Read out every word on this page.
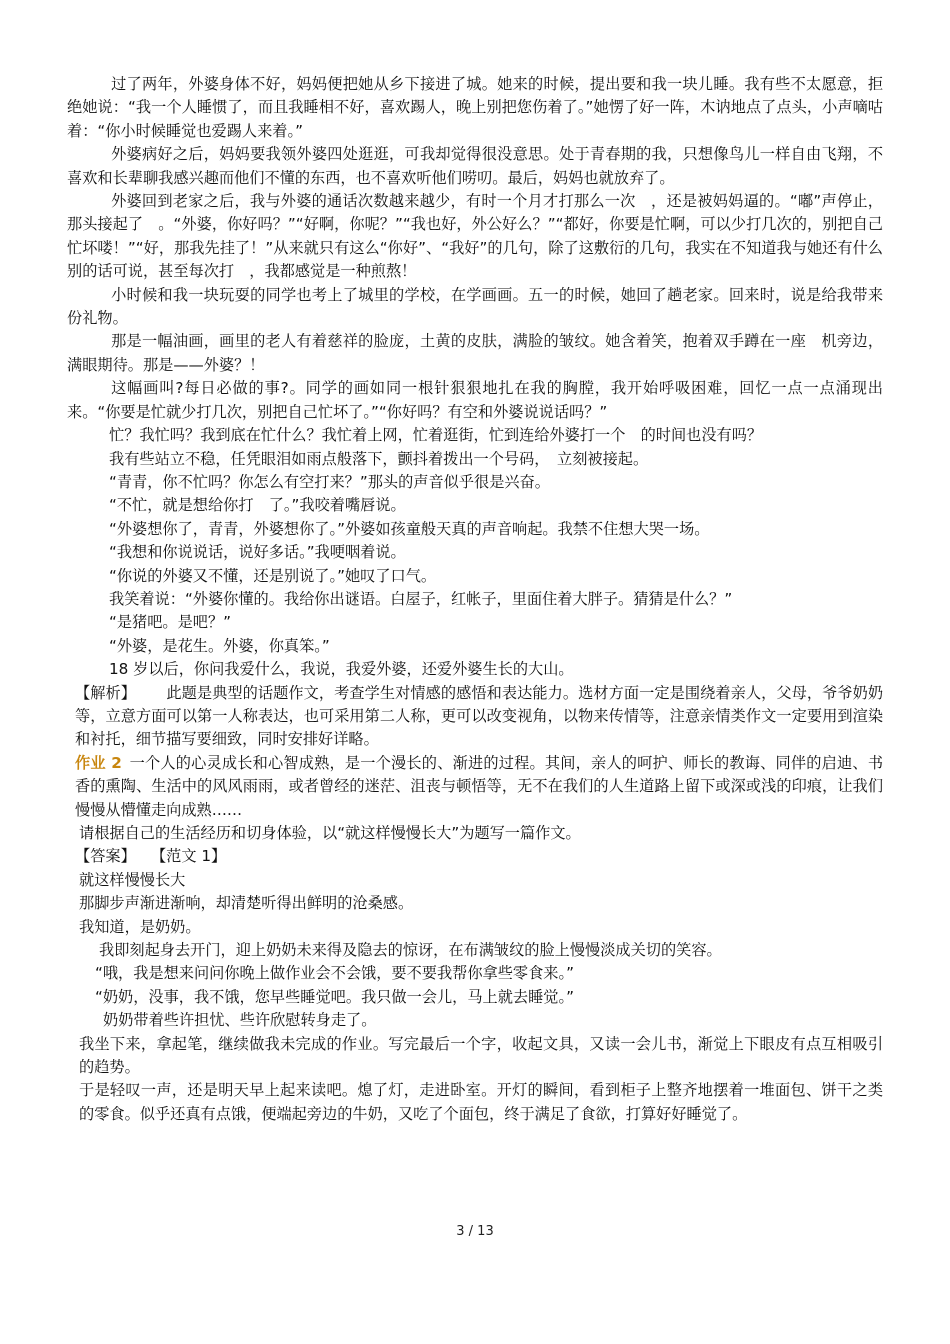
过了两年，外婆身体不好，妈妈便把她从乡下接进了城。她来的时候，提出要和我一块儿睡。我有些不太愿意，拒绝她说：“我一个人睡惯了，而且我睡相不好，喜欢踢人，晚上别把您伤着了。”她愣了好一阵，木讷地点了点头，小声嘀咕着：“你小时候睡觉也爱踢人来着。”

外婆病好之后，妈妈要我领外婆四处逛逛，可我却觉得很没意思。处于青春期的我，只想像鸟儿一样自由飞翔，不喜欢和长辈聊我感兴趣而他们不懂的东西，也不喜欢听他们唠叨。最后，妈妈也就放弃了。

外婆回到老家之后，我与外婆的通话次数越来越少，有时一个月才打那么一次　，还是被妈妈逼的。“嘟”声停止，那头接起了　。“外婆，你好吗？”“好啊，你呢？”“我也好，外公好么？”“都好，你要是忙啊，可以少打几次的，别把自己忙坏喽！”“好，那我先挂了！”从来就只有这么“你好”、“我好”的几句，除了这敷衍的几句，我实在不知道我与她还有什么别的话可说，甚至每次打　，我都感觉是一种煎熬！

小时候和我一块玩耍的同学也考上了城里的学校，在学画画。五一的时候，她回了趟老家。回来时，说是给我带来份礼物。

那是一幅油画，画里的老人有着慈祥的脸庞，土黄的皮肤，满脸的皱纹。她含着笑，抱着双手蹲在一座　机旁边，满眼期待。那是——外婆？！

这幅画叫?每日必做的事?。同学的画如同一根针狠狠地扎在我的胸膛，我开始呼吸困难，回忆一点一点涌现出来。“你要是忙就少打几次，别把自己忙坏了。”“你好吗？有空和外婆说说话吗？”

忙？我忙吗？我到底在忙什么？我忙着上网，忙着逛街，忙到连给外婆打一个　的时间也没有吗？

我有些站立不稳，任凭眼泪如雨点般落下，颤抖着拨出一个号码，　立刻被接起。

“青青，你不忙吗？你怎么有空打来？”那头的声音似乎很是兴奋。

“不忙，就是想给你打　了。”我咬着嘴唇说。

“外婆想你了，青青，外婆想你了。”外婆如孩童般天真的声音响起。我禁不住想大哭一场。

“我想和你说说话，说好多话。”我哽咽着说。

“你说的外婆又不懂，还是别说了。”她叹了口气。

我笑着说：“外婆你懂的。我给你出谜语。白屋子，红帐子，里面住着大胖子。猜猜是什么？”

“是猪吧。是吧？”

“外婆，是花生。外婆，你真笨。”

18 岁以后，你问我爱什么，我说，我爱外婆，还爱外婆生长的大山。

【解析】   此题是典型的话题作文，考查学生对情感的感悟和表达能力。选材方面一定是围绕着亲人，父母，爷爷奶奶等，立意方面可以第一人称表达，也可采用第二人称，更可以改变视角，以物来传情等，注意亲情类作文一定要用到渲染和衬托，细节描写要细致，同时安排好详略。

作业 2  一个人的心灵成长和心智成熟，是一个漫长的、渐进的过程。其间，亲人的呵护、师长的教诲、同伴的启迪、书香的熏陶、生活中的风风雨雨，或者曾经的迷茫、沮丧与顿悟等，无不在我们的人生道路上留下或深或浅的印痕，让我们慢慢从懵懂走向成熟……

请根据自己的生活经历和切身体验，以“就这样慢慢长大”为题写一篇作文。

【答案】  【范文 1】

就这样慢慢长大

那脚步声渐进渐响，却清楚听得出鲜明的沧桑感。

我知道，是奶奶。

我即刻起身去开门，迎上奶奶未来得及隐去的惊讶，在布满皱纹的脸上慢慢淡成关切的笑容。

“哦，我是想来问问你晚上做作业会不会饿，要不要我帮你拿些零食来。”

“奶奶，没事，我不饿，您早些睡觉吧。我只做一会儿，马上就去睡觉。”

奶奶带着些许担忧、些许欣慰转身走了。

我坐下来，拿起笔，继续做我未完成的作业。写完最后一个字，收起文具，又读一会儿书，渐觉上下眼皮有点互相吸引的趋势。

于是轻叹一声，还是明天早上起来读吧。熄了灯，走进卧室。开灯的瞬间，看到柜子上整齐地摆着一堆面包、饼干之类的零食。似乎还真有点饿，便端起旁边的牛奶，又吃了个面包，终于满足了食欲，打算好好睡觉了。

3 / 13
